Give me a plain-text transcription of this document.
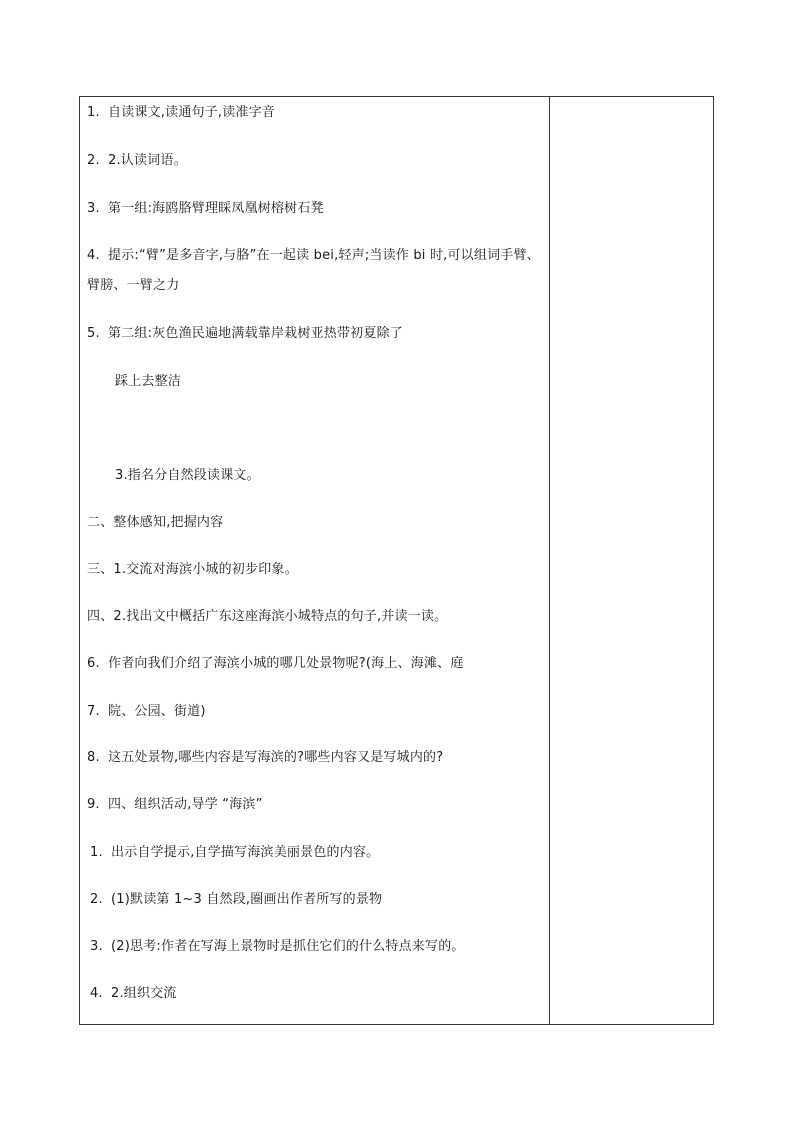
1. 自读课文,读通句子,读准字音
2. 2.认读词语。
3. 第一组:海鸥胳臂理睬凤凰树榕树石凳
4. 提示:“臂”是多音字,与胳”在一起读 bei,轻声;当读作 bi 时,可以组词手臂、
臂膀、一臂之力
5. 第二组:灰色渔民遍地满载靠岸栽树亚热带初夏除了
踩上去整洁
3.指名分自然段读课文。
二、整体感知,把握内容
三、1.交流对海滨小城的初步印象。
四、2.找出文中概括广东这座海滨小城特点的句子,并读一读。
6. 作者向我们介绍了海滨小城的哪几处景物呢?(海上、海滩、庭
7. 院、公园、街道)
8. 这五处景物,哪些内容是写海滨的?哪些内容又是写城内的?
9. 四、组织活动,导学 “海滨”
1. 出示自学提示,自学描写海滨美丽景色的内容。
2. (1)默读第 1~3 自然段,圈画出作者所写的景物
3. (2)思考:作者在写海上景物时是抓住它们的什么特点来写的。
4. 2.组织交流
